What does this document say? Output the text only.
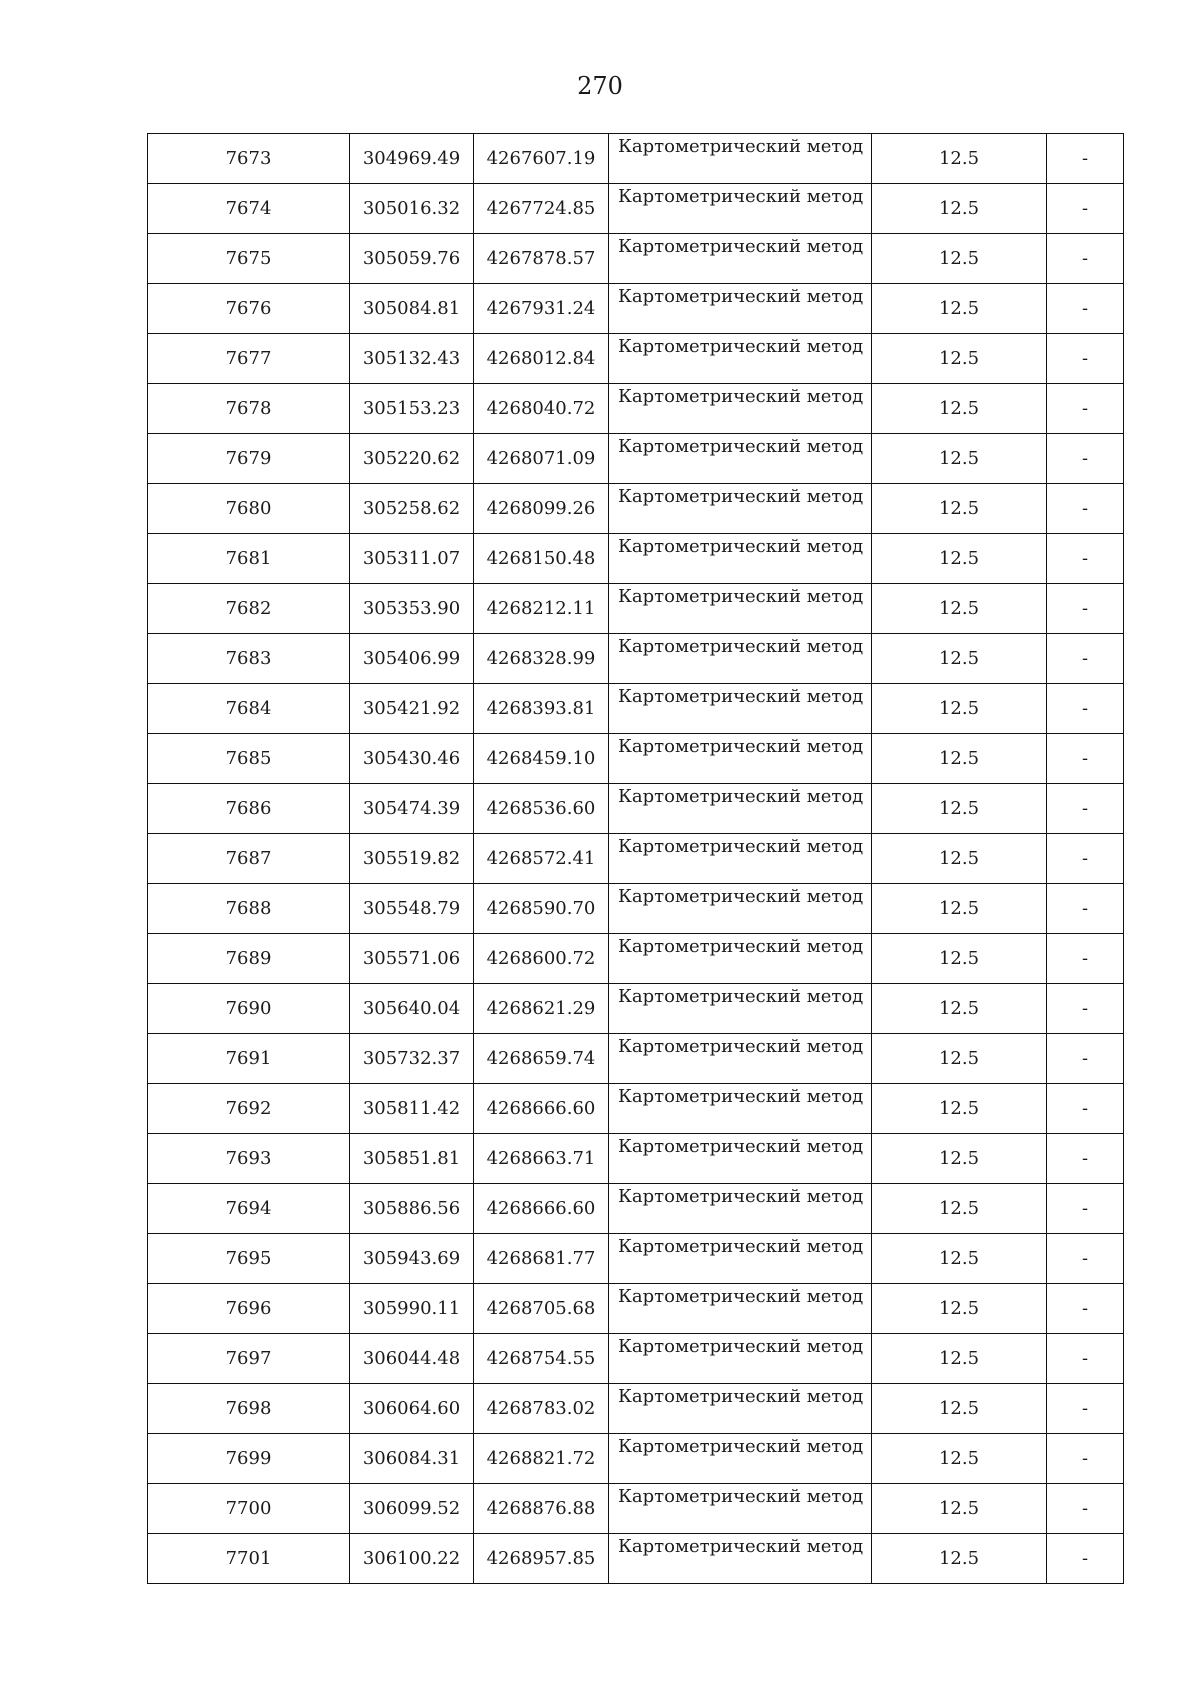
270
7673	304969.49	4267607.19	Картометрический метод	12.5	-
7674	305016.32	4267724.85	Картометрический метод	12.5	-
7675	305059.76	4267878.57	Картометрический метод	12.5	-
7676	305084.81	4267931.24	Картометрический метод	12.5	-
7677	305132.43	4268012.84	Картометрический метод	12.5	-
7678	305153.23	4268040.72	Картометрический метод	12.5	-
7679	305220.62	4268071.09	Картометрический метод	12.5	-
7680	305258.62	4268099.26	Картометрический метод	12.5	-
7681	305311.07	4268150.48	Картометрический метод	12.5	-
7682	305353.90	4268212.11	Картометрический метод	12.5	-
7683	305406.99	4268328.99	Картометрический метод	12.5	-
7684	305421.92	4268393.81	Картометрический метод	12.5	-
7685	305430.46	4268459.10	Картометрический метод	12.5	-
7686	305474.39	4268536.60	Картометрический метод	12.5	-
7687	305519.82	4268572.41	Картометрический метод	12.5	-
7688	305548.79	4268590.70	Картометрический метод	12.5	-
7689	305571.06	4268600.72	Картометрический метод	12.5	-
7690	305640.04	4268621.29	Картометрический метод	12.5	-
7691	305732.37	4268659.74	Картометрический метод	12.5	-
7692	305811.42	4268666.60	Картометрический метод	12.5	-
7693	305851.81	4268663.71	Картометрический метод	12.5	-
7694	305886.56	4268666.60	Картометрический метод	12.5	-
7695	305943.69	4268681.77	Картометрический метод	12.5	-
7696	305990.11	4268705.68	Картометрический метод	12.5	-
7697	306044.48	4268754.55	Картометрический метод	12.5	-
7698	306064.60	4268783.02	Картометрический метод	12.5	-
7699	306084.31	4268821.72	Картометрический метод	12.5	-
7700	306099.52	4268876.88	Картометрический метод	12.5	-
7701	306100.22	4268957.85	Картометрический метод	12.5	-
